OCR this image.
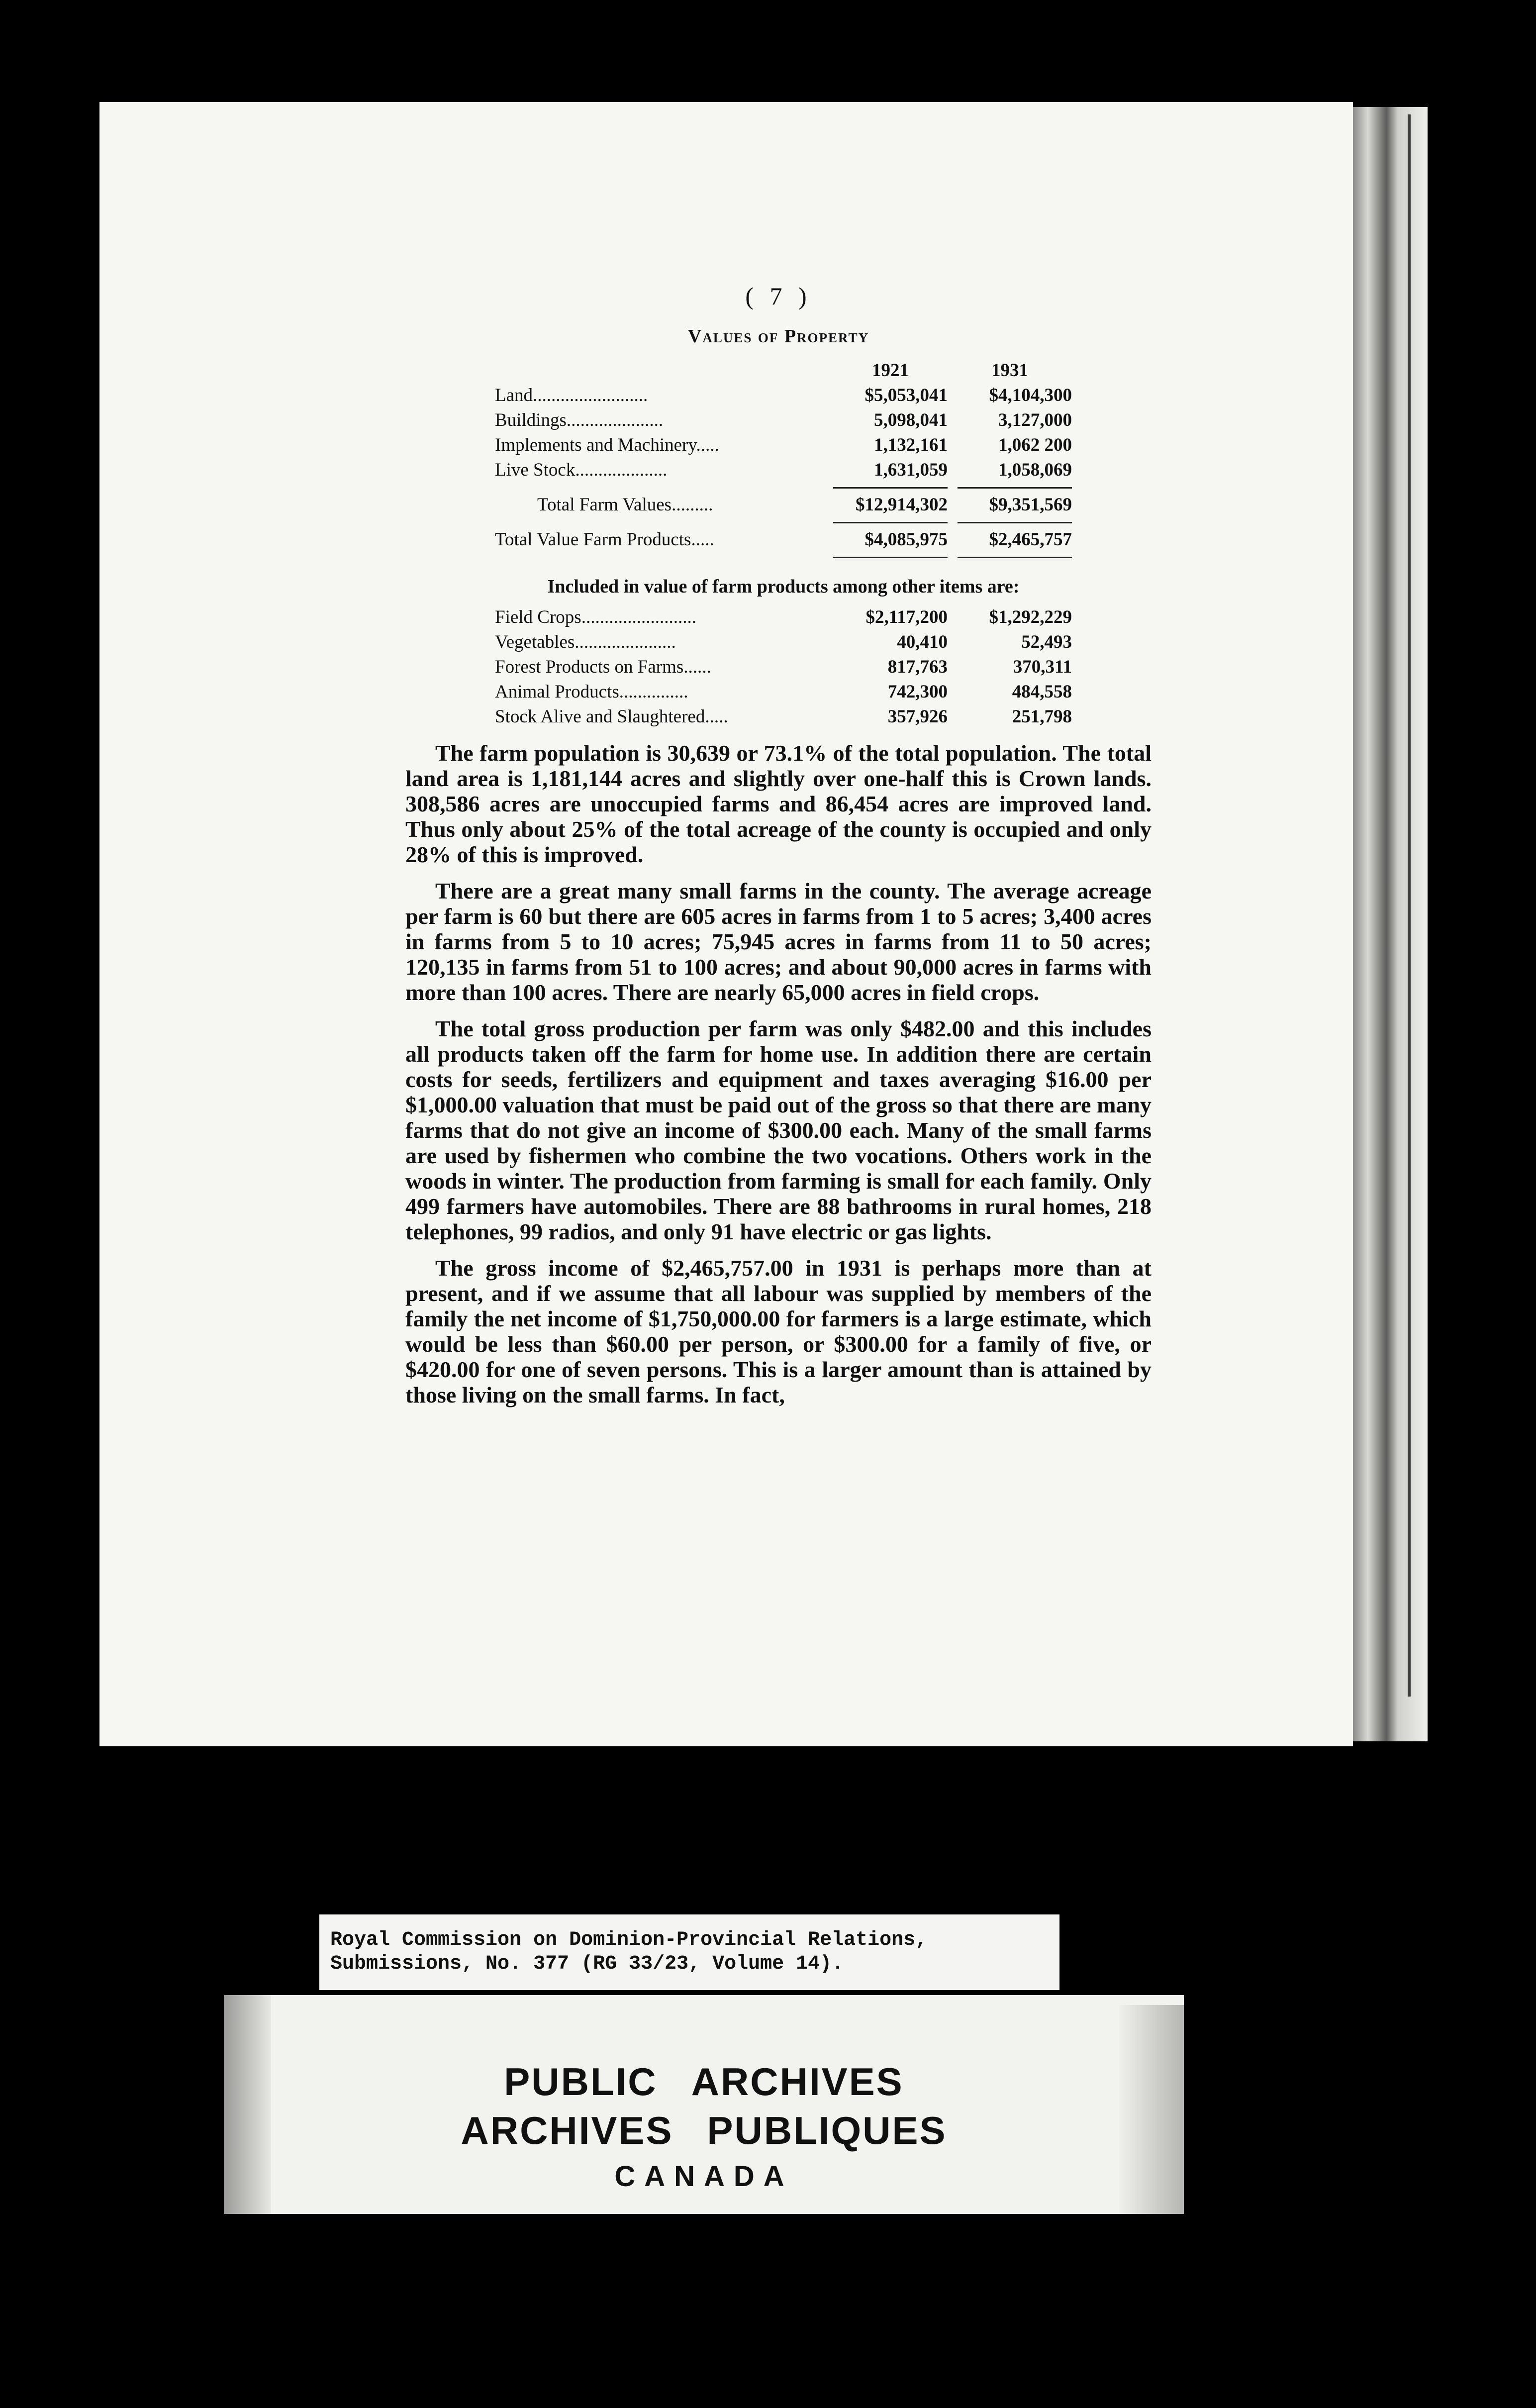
( 7 )
Values of Property
1921	1931
Land.........................	$5,053,041	$4,104,300
Buildings.....................	5,098,041	3,127,000
Implements and Machinery.....	1,132,161	1,062 200
Live Stock....................	1,631,059	1,058,069
Total Farm Values.........	$12,914,302	$9,351,569
Total Value Farm Products.....	$4,085,975	$2,465,757
Included in value of farm products among other items are:
Field Crops.........................	$2,117,200	$1,292,229
Vegetables......................	40,410	52,493
Forest Products on Farms......	817,763	370,311
Animal Products...............	742,300	484,558
Stock Alive and Slaughtered.....	357,926	251,798

The farm population is 30,639 or 73.1% of the total population. The total land area is 1,181,144 acres and slightly over one-half this is Crown lands. 308,586 acres are unoccupied farms and 86,454 acres are improved land. Thus only about 25% of the total acreage of the county is occupied and only 28% of this is improved.

There are a great many small farms in the county. The average acreage per farm is 60 but there are 605 acres in farms from 1 to 5 acres; 3,400 acres in farms from 5 to 10 acres; 75,945 acres in farms from 11 to 50 acres; 120,135 in farms from 51 to 100 acres; and about 90,000 acres in farms with more than 100 acres. There are nearly 65,000 acres in field crops.

The total gross production per farm was only $482.00 and this includes all products taken off the farm for home use. In addition there are certain costs for seeds, fertilizers and equipment and taxes averaging $16.00 per $1,000.00 valuation that must be paid out of the gross so that there are many farms that do not give an income of $300.00 each. Many of the small farms are used by fishermen who combine the two vocations. Others work in the woods in winter. The production from farming is small for each family. Only 499 farmers have automobiles. There are 88 bathrooms in rural homes, 218 telephones, 99 radios, and only 91 have electric or gas lights.

The gross income of $2,465,757.00 in 1931 is perhaps more than at present, and if we assume that all labour was supplied by members of the family the net income of $1,750,000.00 for farmers is a large estimate, which would be less than $60.00 per person, or $300.00 for a family of five, or $420.00 for one of seven persons. This is a larger amount than is attained by those living on the small farms. In fact,

Royal Commission on Dominion-Provincial Relations,
Submissions, No. 377 (RG 33/23, Volume 14).
PUBLIC ARCHIVES
ARCHIVES PUBLIQUES
CANADA
